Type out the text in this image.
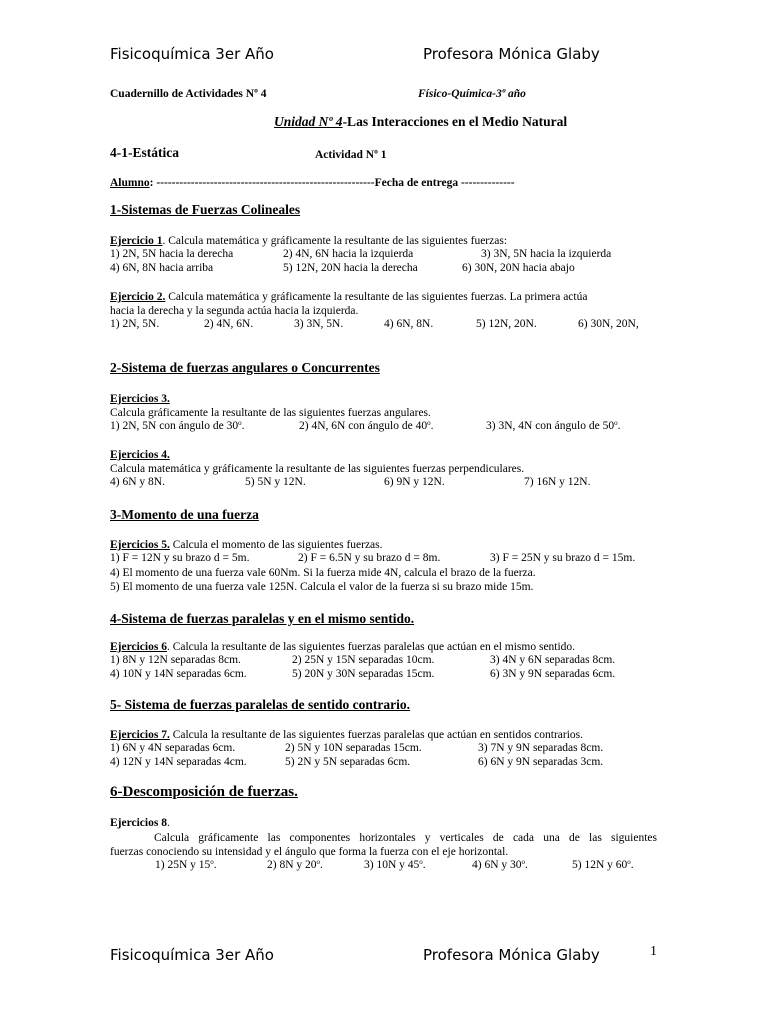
Fisicoquímica 3er Año	Profesora Mónica Glaby
Cuadernillo de Actividades Nº 4	Físico-Química-3º año
Unidad Nº 4-Las Interacciones en el Medio Natural
4-1-Estática	Actividad Nº 1
Alumno: ---------------------------------------------------------Fecha de entrega --------------
1-Sistemas de Fuerzas Colineales
Ejercicio 1. Calcula matemática y gráficamente la resultante de las siguientes fuerzas:
1) 2N, 5N hacia la derecha	2) 4N, 6N hacia la izquierda	3) 3N, 5N hacia la izquierda
4) 6N, 8N hacia arriba	5) 12N, 20N hacia la derecha	6) 30N, 20N hacia abajo
Ejercicio 2. Calcula matemática y gráficamente la resultante de las siguientes fuerzas. La primera actúa
hacia la derecha y la segunda actúa hacia la izquierda.
1) 2N, 5N.	2) 4N, 6N.	3) 3N, 5N.	4) 6N, 8N.	5) 12N, 20N.	6) 30N, 20N,
2-Sistema de fuerzas angulares o Concurrentes
Ejercicios 3.
Calcula gráficamente la resultante de las siguientes fuerzas angulares.
1) 2N, 5N con ángulo de 30$^o$.	2) 4N, 6N con ángulo de 40$^o$.	3) 3N, 4N con ángulo de 50$^o$.
Ejercicios 4.
Calcula matemática y gráficamente la resultante de las siguientes fuerzas perpendiculares.
4) 6N y 8N.	5) 5N y 12N.	6) 9N y 12N.	7) 16N y 12N.
3-Momento de una fuerza
Ejercicios 5. Calcula el momento de las siguientes fuerzas.
1) F = 12N y su brazo d = 5m.	2) F = 6.5N y su brazo d = 8m.	3) F = 25N y su brazo d = 15m.
4) El momento de una fuerza vale 60Nm. Si la fuerza mide 4N, calcula el brazo de la fuerza.
5) El momento de una fuerza vale 125N. Calcula el valor de la fuerza si su brazo mide 15m.
4-Sistema de fuerzas paralelas y en el mismo sentido.
Ejercicios 6. Calcula la resultante de las siguientes fuerzas paralelas que actúan en el mismo sentido.
1) 8N y 12N separadas 8cm.	2) 25N y 15N separadas 10cm.	3) 4N y 6N separadas 8cm.
4) 10N y 14N separadas 6cm.	5) 20N y 30N separadas 15cm.	6) 3N y 9N separadas 6cm.
5- Sistema de fuerzas paralelas de sentido contrario.
Ejercicios 7. Calcula la resultante de las siguientes fuerzas paralelas que actúan en sentidos contrarios.
1) 6N y 4N separadas 6cm.	2) 5N y 10N separadas 15cm.	3) 7N y 9N separadas 8cm.
4) 12N y 14N separadas 4cm.	5) 2N y 5N separadas 6cm.	6) 6N y 9N separadas 3cm.
6-Descomposición de fuerzas.
Ejercicios 8.
Calcula gráficamente las componentes horizontales y verticales de cada una de las siguientes
fuerzas conociendo su intensidad y el ángulo que forma la fuerza con el eje horizontal.
1) 25N y 15$^o$.	2) 8N y 20$^o$.	3) 10N y 45$^o$.	4) 6N y 30$^o$.	5) 12N y 60$^o$.
Fisicoquímica 3er Año	Profesora Mónica Glaby	1
